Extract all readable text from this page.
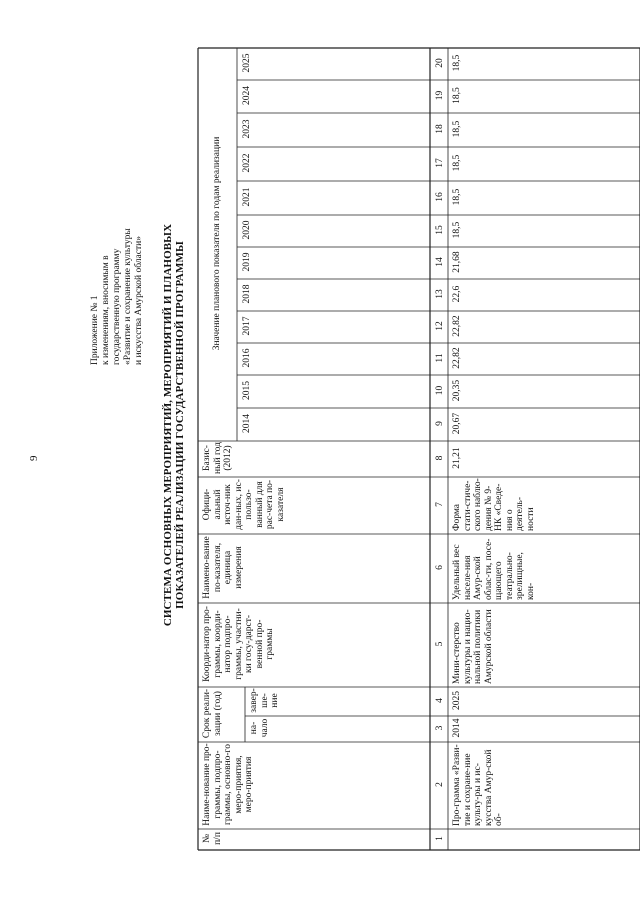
9
Приложение № 1 к изменениям, вносимым в государственную программу «Развитие и сохранение культуры и искусства Амурской области» СИСТЕМА ОСНОВНЫХ МЕРОПРИЯТИЙ, МЕРОПРИЯТИЙ И ПЛАНОВЫХ ПОКАЗАТЕЛЕЙ РЕАЛИЗАЦИИ ГОСУДАРСТВЕННОЙ ПРОГРАММЫ
№ п/п
Наиме-нование про-граммы, подпро-граммы, основно-го меро-приятия, меро-приятия
Срок реали-зации (год)	на-чало
завер-ше-ние
Коорди-натор про-граммы, коорди-натор подпро-граммы, участни-ки госу-дарст-венной про-граммы
Наимено-вание по-казателя, единица измерения
Офици-альный источ-ник дан-ных, ис-пользо-ванный для рас-чета по-казателя
Базис-ный год (2012)
Значение планового показателя по годам реализации
2014
2015
2016
2017
2018
2019
2020
2021
2022
2023
2024
2025
1
2
3
4
5
6
7
8
9
10
11
12
13
14
15
16
17
18
19
20
Про-грамма «Разви-тие и сохране-ние культу-ры и ис-кусства Амур-ской об-
2014
2025
Мини-стерство культуры и нацио-нальной политики Амурской области
Удельный вес населе-ния Амур-ской облас-ти, посе-щающего театрально-зрелищные, кон-
Форма стати-стиче-ского наблю-дения № 9-НК «Сведе-ния о деятель-ности
21,21
20,67
20,35
22,82
22,82
22,6
21,68
18,5
18,5
18,5
18,5
18,5
18,5
